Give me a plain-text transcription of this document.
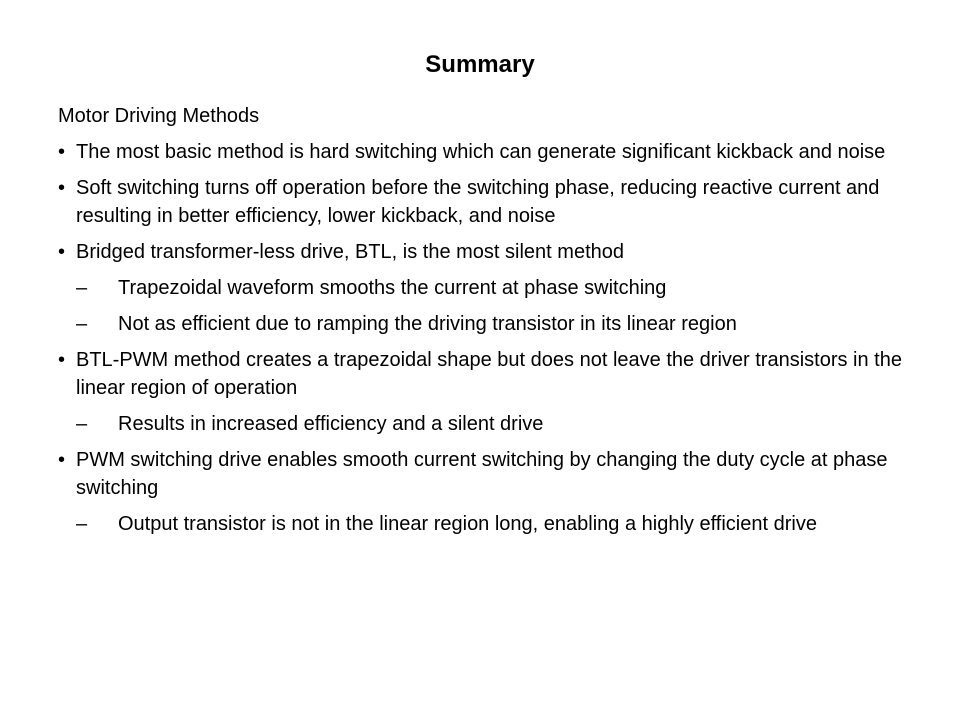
Summary
Motor Driving Methods
• The most basic method is hard switching which can generate significant kickback and noise
• Soft switching turns off operation before the switching phase, reducing reactive current and resulting in better efficiency, lower kickback, and noise
• Bridged transformer-less drive, BTL, is the most silent method
– Trapezoidal waveform smooths the current at phase switching
– Not as efficient due to ramping the driving transistor in its linear region
• BTL-PWM method creates a trapezoidal shape but does not leave the driver transistors in the linear region of operation
– Results in increased efficiency and a silent drive
• PWM switching drive enables smooth current switching by changing the duty cycle at phase switching
– Output transistor is not in the linear region long, enabling a highly efficient drive
